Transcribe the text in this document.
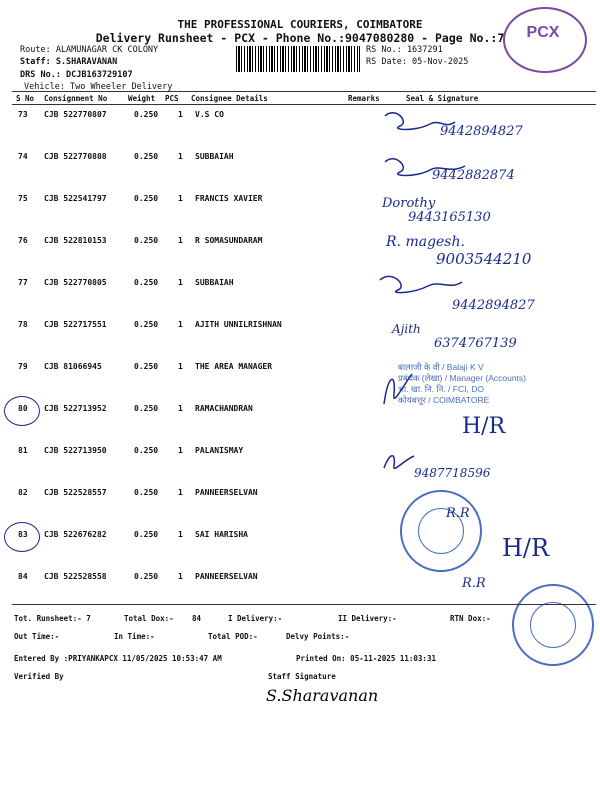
THE PROFESSIONAL COURIERS, COIMBATORE
Delivery Runsheet - PCX - Phone No.:9047080280 - Page No.:7	PCX
Route: ALAMUNAGAR CK COLONY
Staff: S.SHARAVANAN
DRS No.: DCJB163729107
Vehicle: Two Wheeler Delivery
RS No.: 1637291
RS Date: 05-Nov-2025
S No Consignment No	Weight PCS Consignee Details	Remarks	Seal & Signature
73 CJB 522770807	0.250 1 V.S CO
74 CJB 522770808	0.250 1 SUBBAIAH
75 CJB 522541797	0.250 1 FRANCIS XAVIER
76 CJB 522810153	0.250 1 R SOMASUNDARAM
77 CJB 522770805	0.250 1 SUBBAIAH
78 CJB 522717551	0.250 1 AJITH UNNILRISHNAN
79 CJB 81066945	0.250 1 THE AREA MANAGER
80 CJB 522713952	0.250 1 RAMACHANDRAN
81 CJB 522713950	0.250 1 PALANISMAY
82 CJB 522528557	0.250 1 PANNEERSELVAN
83 CJB 522676282	0.250 1 SAI HARISHA
84 CJB 522528558	0.250 1 PANNEERSELVAN
9442894827
9442882874
Dorothy
9443165130
R. magesh.
9003544210
9442894827
Ajith
6374767139
बालाजी के वी / Balaji K V
प्रबंधक (लेखा) / Manager (Accounts)
भा. खा. नि. नि. / FCI, DO
कोयंबत्तूर / COIMBATORE
H/R
9487718596
R.R
H/R
R.R
Tot. Runsheet:- 7	Total Dox:- 84	I Delivery:-	II Delivery:-	RTN Dox:-
Out Time:-	In Time:-	Total POD:-	Delvy Points:-
Entered By :PRIYANKAPCX 11/05/2025 10:53:47 AM	Printed On: 05-11-2025 11:03:31
Verified By	Staff Signature
S.Sharavanan
